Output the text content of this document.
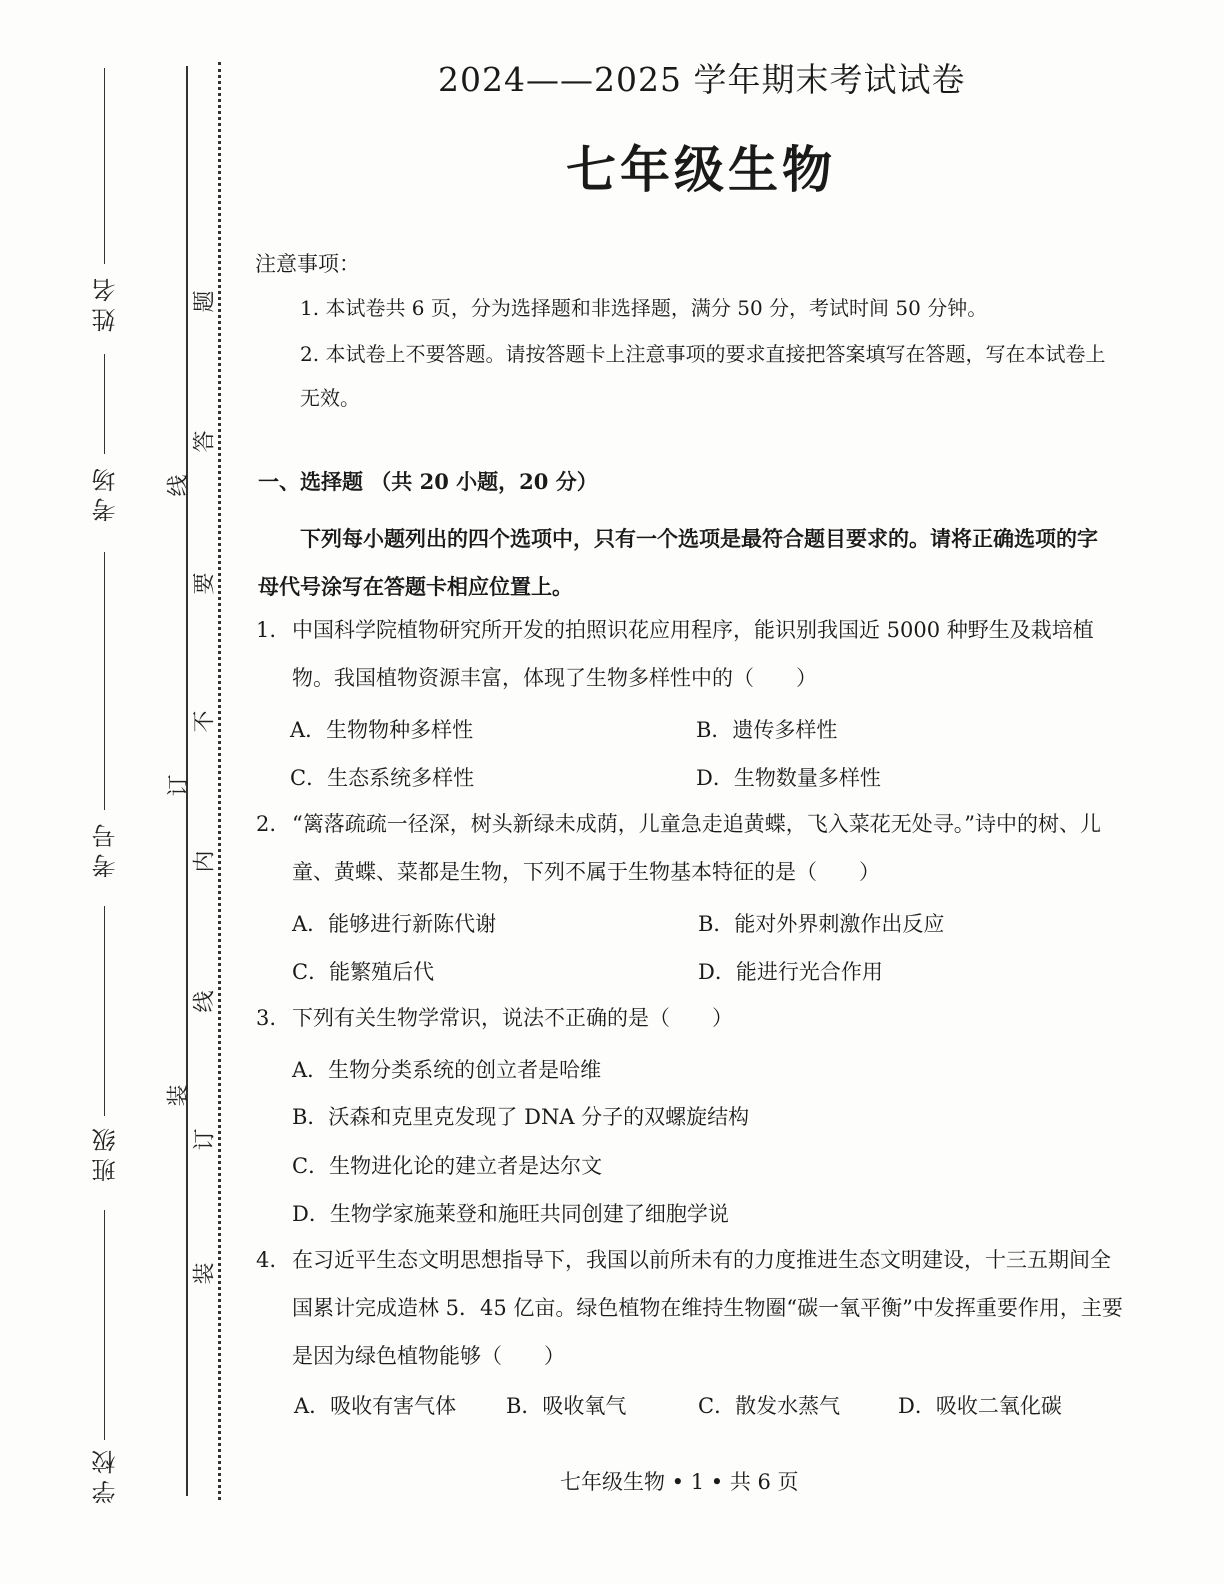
姓名
考场
考号
班级
学校
题
答
线
要
不
订
内
线
装
订
装
2024——2025 学年期末考试试卷
七年级生物
注意事项：
1. 本试卷共 6 页，分为选择题和非选择题，满分 50 分，考试时间 50 分钟。
2. 本试卷上不要答题。请按答题卡上注意事项的要求直接把答案填写在答题，写在本试卷上无效。
一、选择题 （共 20 小题，20 分）
下列每小题列出的四个选项中，只有一个选项是最符合题目要求的。请将正确选项的字母代号涂写在答题卡相应位置上。
1. 中国科学院植物研究所开发的拍照识花应用程序，能识别我国近 5000 种野生及栽培植物。我国植物资源丰富，体现了生物多样性中的（　　）
A．生物物种多样性	B．遗传多样性
C．生态系统多样性	D．生物数量多样性
2. “篱落疏疏一径深，树头新绿未成荫，儿童急走追黄蝶，飞入菜花无处寻。”诗中的树、儿童、黄蝶、菜都是生物，下列不属于生物基本特征的是（　　）
A．能够进行新陈代谢	B．能对外界刺激作出反应
C．能繁殖后代	D．能进行光合作用
3. 下列有关生物学常识，说法不正确的是（　　）
A．生物分类系统的创立者是哈维
B．沃森和克里克发现了 DNA 分子的双螺旋结构
C．生物进化论的建立者是达尔文
D．生物学家施莱登和施旺共同创建了细胞学说
4. 在习近平生态文明思想指导下，我国以前所未有的力度推进生态文明建设，十三五期间全国累计完成造林 5．45 亿亩。绿色植物在维持生物圈“碳一氧平衡”中发挥重要作用，主要是因为绿色植物能够（　　）
A．吸收有害气体 B．吸收氧气	C．散发水蒸气	D．吸收二氧化碳
七年级生物 • 1 • 共 6 页
